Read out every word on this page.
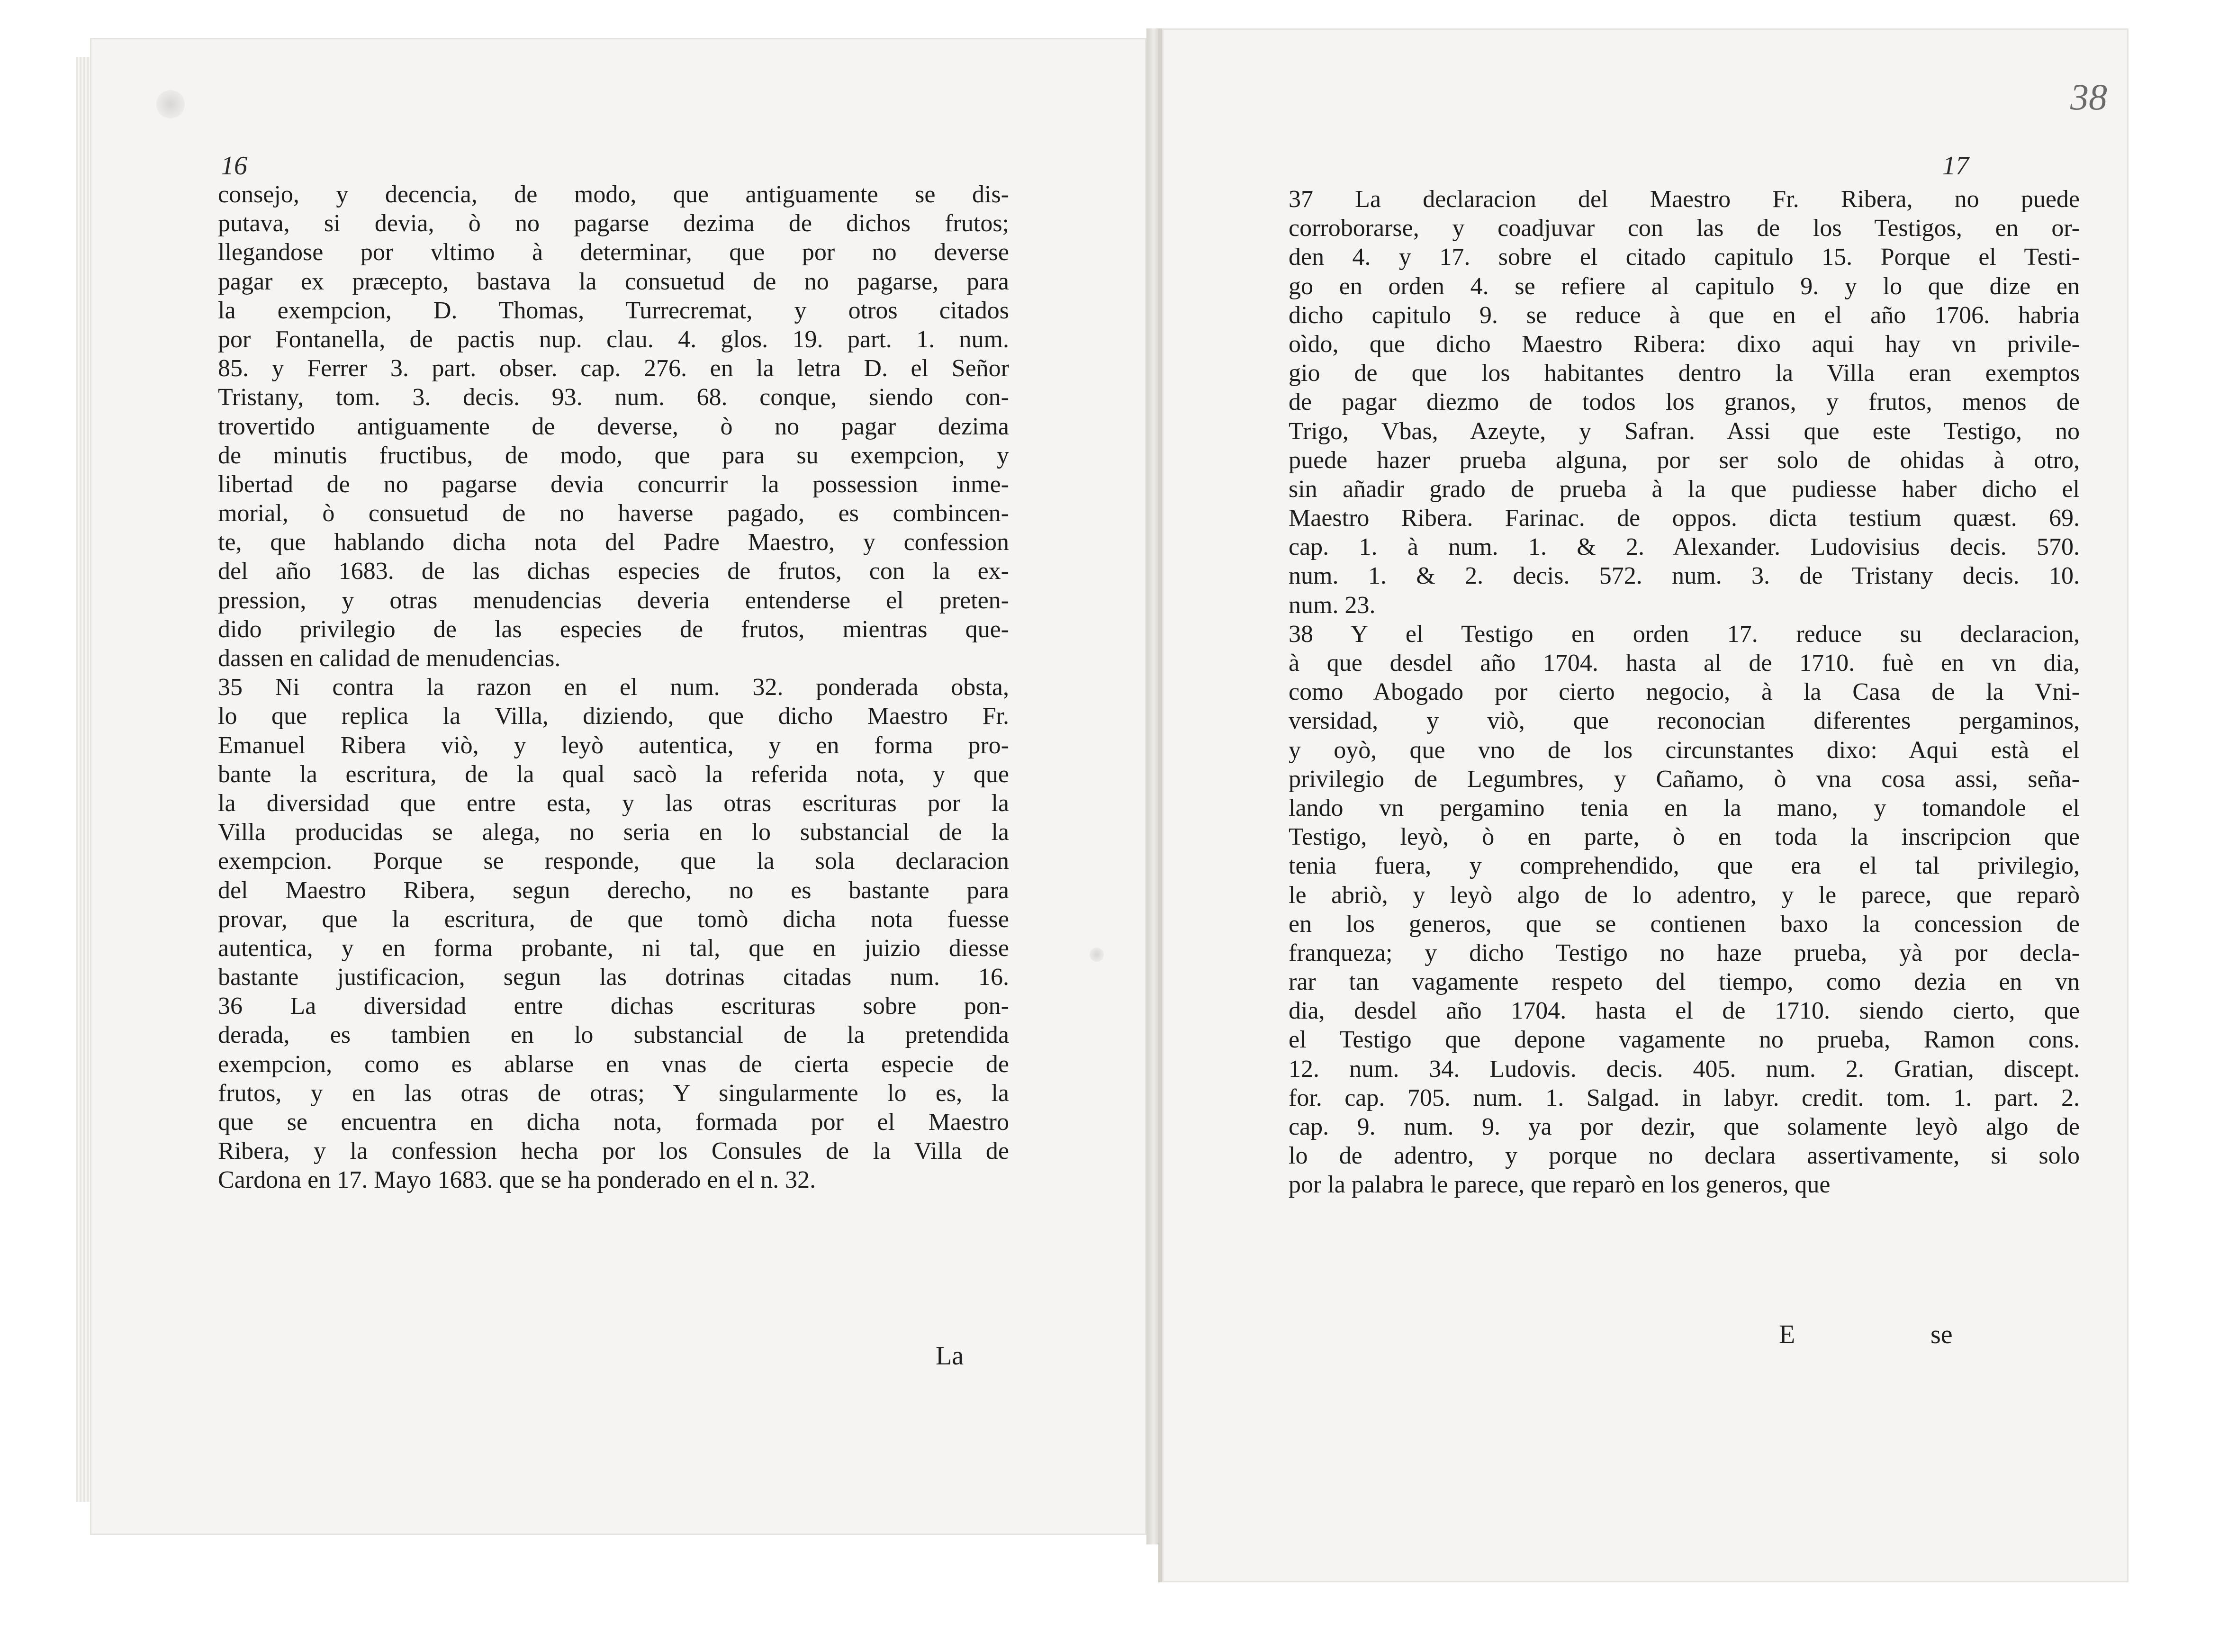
38
16	17
consejo, y decencia, de modo, que antiguamente se dis-
putava, si devia, ò no pagarse dezima de dichos frutos;
llegandose por vltimo à determinar, que por no deverse
pagar ex præcepto, bastava la consuetud de no pagarse, para
la exempcion, D. Thomas, Turrecremat, y otros citados
por Fontanella, de pactis nup. clau. 4. glos. 19. part. 1. num.
85. y Ferrer 3. part. obser. cap. 276. en la letra D. el Señor
Tristany, tom. 3. decis. 93. num. 68. conque, siendo con-
trovertido antiguamente de deverse, ò no pagar dezima
de minutis fructibus, de modo, que para su exempcion, y
libertad de no pagarse devia concurrir la possession inme-
morial, ò consuetud de no haverse pagado, es combincen-
te, que hablando dicha nota del Padre Maestro, y confession
del año 1683. de las dichas especies de frutos, con la ex-
pression, y otras menudencias deveria entenderse el preten-
dido privilegio de las especies de frutos, mientras que-
dassen en calidad de menudencias.
35 Ni contra la razon en el num. 32. ponderada obsta,
lo que replica la Villa, diziendo, que dicho Maestro Fr.
Emanuel Ribera viò, y leyò autentica, y en forma pro-
bante la escritura, de la qual sacò la referida nota, y que
la diversidad que entre esta, y las otras escrituras por la
Villa producidas se alega, no seria en lo substancial de la
exempcion. Porque se responde, que la sola declaracion
del Maestro Ribera, segun derecho, no es bastante para
provar, que la escritura, de que tomò dicha nota fuesse
autentica, y en forma probante, ni tal, que en juizio diesse
bastante justificacion, segun las dotrinas citadas num. 16.
36 La diversidad entre dichas escrituras sobre pon-
derada, es tambien en lo substancial de la pretendida
exempcion, como es ablarse en vnas de cierta especie de
frutos, y en las otras de otras; Y singularmente lo es, la
que se encuentra en dicha nota, formada por el Maestro
Ribera, y la confession hecha por los Consules de la Villa de
Cardona en 17. Mayo 1683. que se ha ponderado en el n. 32.
37 La declaracion del Maestro Fr. Ribera, no puede
corroborarse, y coadjuvar con las de los Testigos, en or-
den 4. y 17. sobre el citado capitulo 15. Porque el Testi-
go en orden 4. se refiere al capitulo 9. y lo que dize en
dicho capitulo 9. se reduce à que en el año 1706. habria
oìdo, que dicho Maestro Ribera: dixo aqui hay vn privile-
gio de que los habitantes dentro la Villa eran exemptos
de pagar diezmo de todos los granos, y frutos, menos de
Trigo, Vbas, Azeyte, y Safran. Assi que este Testigo, no
puede hazer prueba alguna, por ser solo de ohidas à otro,
sin añadir grado de prueba à la que pudiesse haber dicho el
Maestro Ribera. Farinac. de oppos. dicta testium quæst. 69.
cap. 1. à num. 1. & 2. Alexander. Ludovisius decis. 570.
num. 1. & 2. decis. 572. num. 3. de Tristany decis. 10.
num. 23.
38 Y el Testigo en orden 17. reduce su declaracion,
à que desdel año 1704. hasta al de 1710. fuè en vn dia,
como Abogado por cierto negocio, à la Casa de la Vni-
versidad, y viò, que reconocian diferentes pergaminos,
y oyò, que vno de los circunstantes dixo: Aqui està el
privilegio de Legumbres, y Cañamo, ò vna cosa assi, seña-
lando vn pergamino tenia en la mano, y tomandole el
Testigo, leyò, ò en parte, ò en toda la inscripcion que
tenia fuera, y comprehendido, que era el tal privilegio,
le abriò, y leyò algo de lo adentro, y le parece, que reparò
en los generos, que se contienen baxo la concession de
franqueza; y dicho Testigo no haze prueba, yà por decla-
rar tan vagamente respeto del tiempo, como dezia en vn
dia, desdel año 1704. hasta el de 1710. siendo cierto, que
el Testigo que depone vagamente no prueba, Ramon cons.
12. num. 34. Ludovis. decis. 405. num. 2. Gratian, discept.
for. cap. 705. num. 1. Salgad. in labyr. credit. tom. 1. part. 2.
cap. 9. num. 9. ya por dezir, que solamente leyò algo de
lo de adentro, y porque no declara assertivamente, si solo
por la palabra le parece, que reparò en los generos, que
La
E	se
